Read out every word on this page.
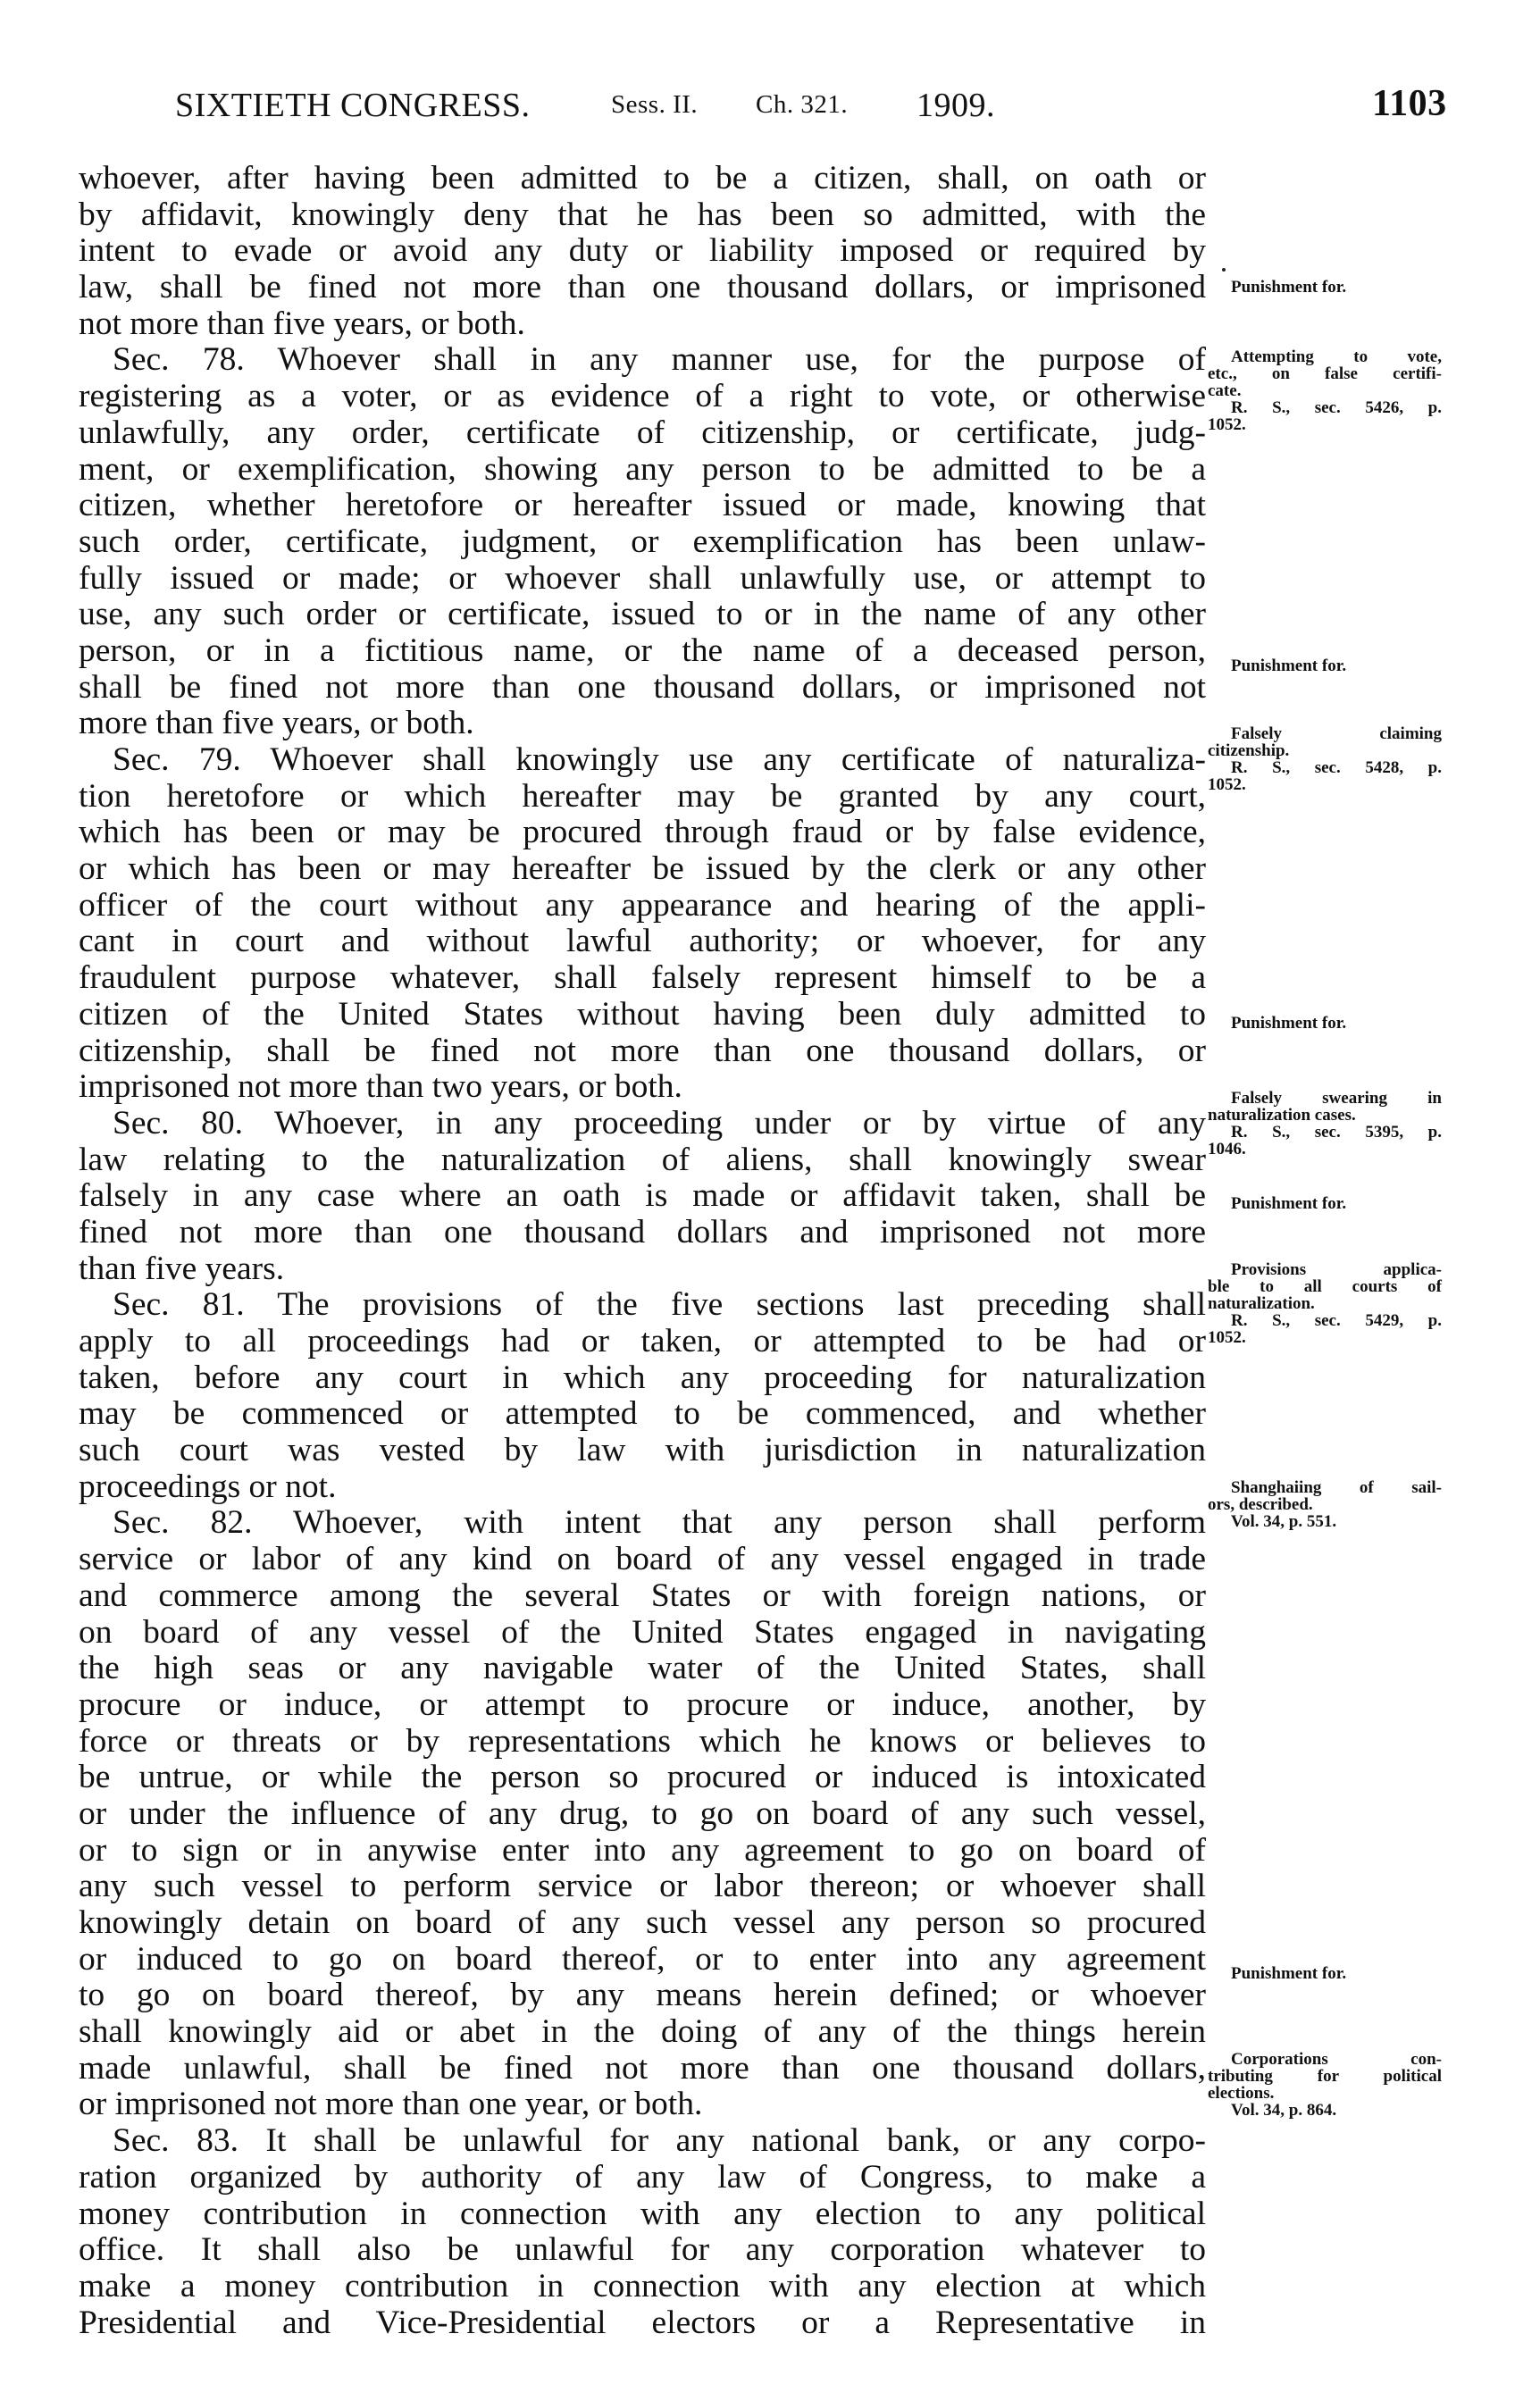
SIXTIETH CONGRESS.	Sess. II. Ch. 321. 1909.	1103
whoever, after having been admitted to be a citizen, shall, on oath or
by affidavit, knowingly deny that he has been so admitted, with the
intent to evade or avoid any duty or liability imposed or required by
law, shall be fined not more than one thousand dollars, or imprisoned
not more than five years, or both.
Sec. 78. Whoever shall in any manner use, for the purpose of
registering as a voter, or as evidence of a right to vote, or otherwise
unlawfully, any order, certificate of citizenship, or certificate, judg-
ment, or exemplification, showing any person to be admitted to be a
citizen, whether heretofore or hereafter issued or made, knowing that
such order, certificate, judgment, or exemplification has been unlaw-
fully issued or made; or whoever shall unlawfully use, or attempt to
use, any such order or certificate, issued to or in the name of any other
person, or in a fictitious name, or the name of a deceased person,
shall be fined not more than one thousand dollars, or imprisoned not
more than five years, or both.
Sec. 79. Whoever shall knowingly use any certificate of naturaliza-
tion heretofore or which hereafter may be granted by any court,
which has been or may be procured through fraud or by false evidence,
or which has been or may hereafter be issued by the clerk or any other
officer of the court without any appearance and hearing of the appli-
cant in court and without lawful authority; or whoever, for any
fraudulent purpose whatever, shall falsely represent himself to be a
citizen of the United States without having been duly admitted to
citizenship, shall be fined not more than one thousand dollars, or
imprisoned not more than two years, or both.
Sec. 80. Whoever, in any proceeding under or by virtue of any
law relating to the naturalization of aliens, shall knowingly swear
falsely in any case where an oath is made or affidavit taken, shall be
fined not more than one thousand dollars and imprisoned not more
than five years.
Sec. 81. The provisions of the five sections last preceding shall
apply to all proceedings had or taken, or attempted to be had or
taken, before any court in which any proceeding for naturalization
may be commenced or attempted to be commenced, and whether
such court was vested by law with jurisdiction in naturalization
proceedings or not.
Sec. 82. Whoever, with intent that any person shall perform
service or labor of any kind on board of any vessel engaged in trade
and commerce among the several States or with foreign nations, or
on board of any vessel of the United States engaged in navigating
the high seas or any navigable water of the United States, shall
procure or induce, or attempt to procure or induce, another, by
force or threats or by representations which he knows or believes to
be untrue, or while the person so procured or induced is intoxicated
or under the influence of any drug, to go on board of any such vessel,
or to sign or in anywise enter into any agreement to go on board of
any such vessel to perform service or labor thereon; or whoever shall
knowingly detain on board of any such vessel any person so procured
or induced to go on board thereof, or to enter into any agreement
to go on board thereof, by any means herein defined; or whoever
shall knowingly aid or abet in the doing of any of the things herein
made unlawful, shall be fined not more than one thousand dollars,
or imprisoned not more than one year, or both.
Sec. 83. It shall be unlawful for any national bank, or any corpo-
ration organized by authority of any law of Congress, to make a
money contribution in connection with any election to any political
office. It shall also be unlawful for any corporation whatever to
make a money contribution in connection with any election at which
Presidential and Vice-Presidential electors or a Representative in
Punishment for.
Attempting to vote,
etc., on false certifi-
cate.
R. S., sec. 5426, p.
1052.
Punishment for.
Falsely claiming
citizenship.
R. S., sec. 5428, p.
1052.
Punishment for.
Falsely swearing in
naturalization cases.
R. S., sec. 5395, p.
1046.
Punishment for.
Provisions applica-
ble to all courts of
naturalization.
R. S., sec. 5429, p.
1052.
Shanghaiing of sail-
ors, described.
Vol. 34, p. 551.
Punishment for.
Corporations con-
tributing for political
elections.
Vol. 34, p. 864.
